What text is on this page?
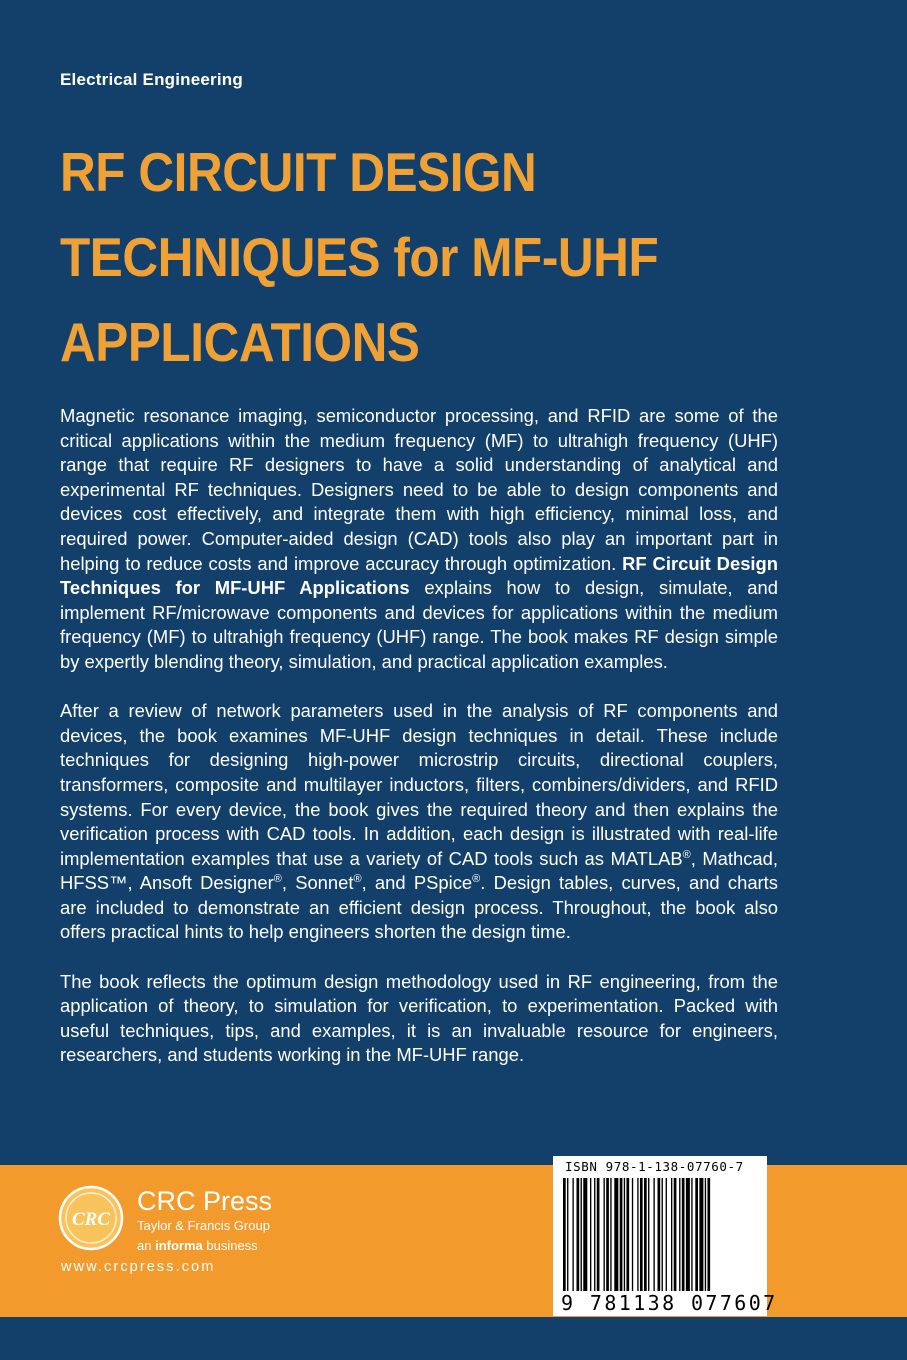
Electrical Engineering
RF CIRCUIT DESIGN
TECHNIQUES for MF-UHF
APPLICATIONS

Magnetic resonance imaging, semiconductor processing, and RFID are some of the critical applications within the medium frequency (MF) to ultrahigh frequency (UHF) range that require RF designers to have a solid understanding of analytical and experimental RF techniques. Designers need to be able to design components and devices cost effectively, and integrate them with high efficiency, minimal loss, and required power. Computer-aided design (CAD) tools also play an important part in helping to reduce costs and improve accuracy through optimization. RF Circuit Design Techniques for MF-UHF Applications explains how to design, simulate, and implement RF/microwave components and devices for applications within the medium frequency (MF) to ultrahigh frequency (UHF) range. The book makes RF design simple by expertly blending theory, simulation, and practical application examples.

After a review of network parameters used in the analysis of RF components and devices, the book examines MF-UHF design techniques in detail. These include techniques for designing high-power microstrip circuits, directional couplers, transformers, composite and multilayer inductors, filters, combiners/dividers, and RFID systems. For every device, the book gives the required theory and then explains the verification process with CAD tools. In addition, each design is illustrated with real-life implementation examples that use a variety of CAD tools such as MATLAB®, Mathcad, HFSS™, Ansoft Designer®, Sonnet®, and PSpice®. Design tables, curves, and charts are included to demonstrate an efficient design process. Throughout, the book also offers practical hints to help engineers shorten the design time.

The book reflects the optimum design methodology used in RF engineering, from the application of theory, to simulation for verification, to experimentation. Packed with useful techniques, tips, and examples, it is an invaluable resource for engineers, researchers, and students working in the MF-UHF range.

CRC
CRC Press
Taylor & Francis Group
an informa business
www.crcpress.com
ISBN 978-1-138-07760-7
9 781138 077607
